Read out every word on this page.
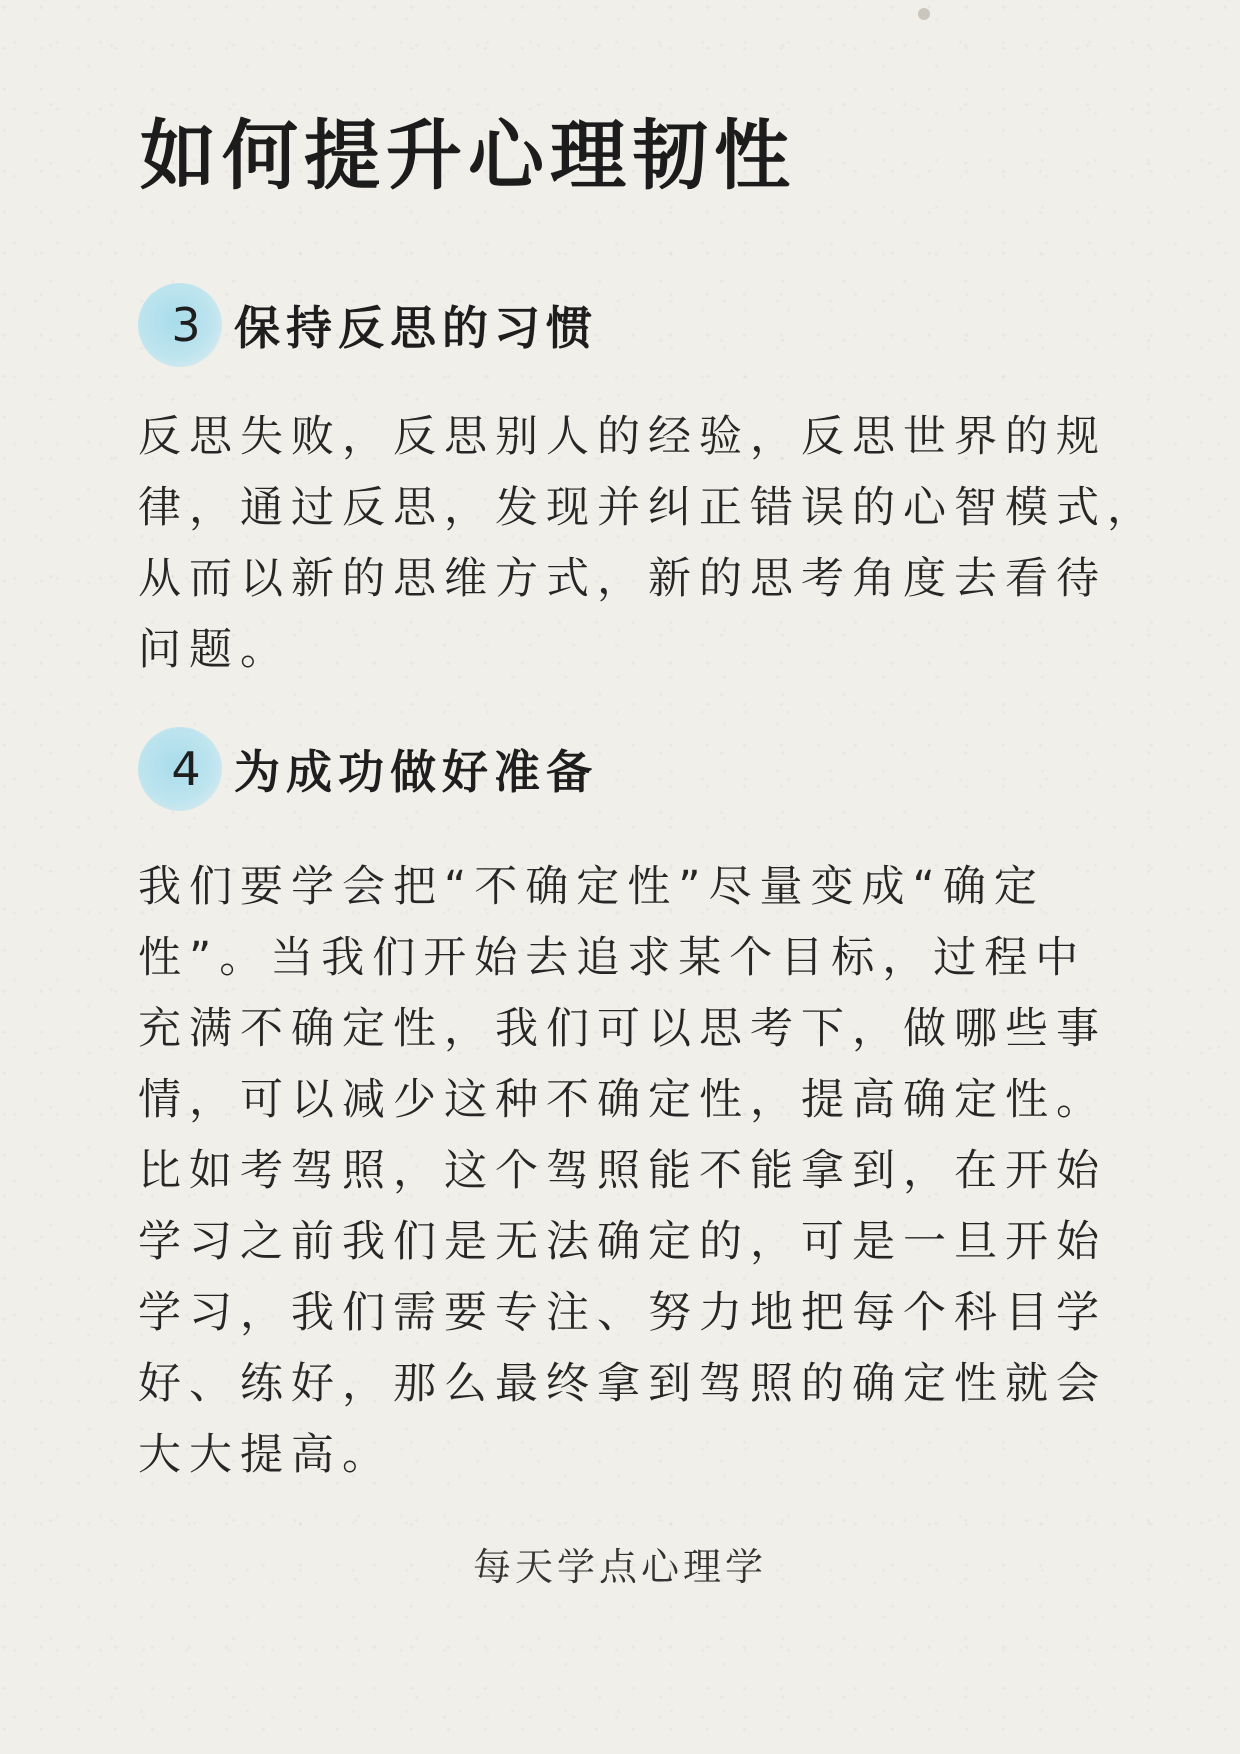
如何提升心理韧性
3 保持反思的习惯
反思失败，反思别人的经验，反思世界的规
律，通过反思，发现并纠正错误的心智模式，
从而以新的思维方式，新的思考角度去看待
问题。
4 为成功做好准备
我们要学会把“不确定性”尽量变成“确定
性”。当我们开始去追求某个目标，过程中
充满不确定性，我们可以思考下，做哪些事
情，可以减少这种不确定性，提高确定性。
比如考驾照，这个驾照能不能拿到，在开始
学习之前我们是无法确定的，可是一旦开始
学习，我们需要专注、努力地把每个科目学
好、练好，那么最终拿到驾照的确定性就会
大大提高。
每天学点心理学
